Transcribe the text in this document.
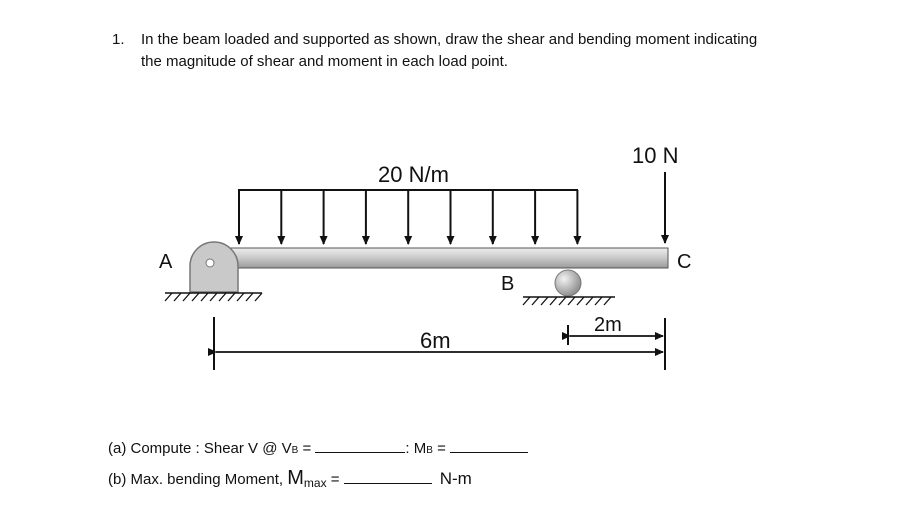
1. In the beam loaded and supported as shown, draw the shear and bending moment indicating
the magnitude of shear and moment in each load point.
20 N/m
10 N
A
B
C
6m
2m
(a) Compute : Shear V @ VB =	: MB =
(b) Max. bending Moment, $M_{max}$ =	N-m
